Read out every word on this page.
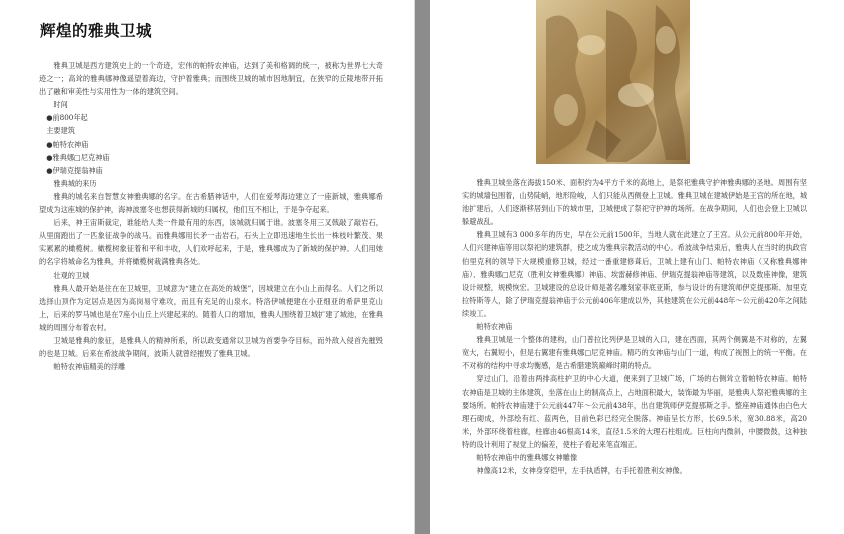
辉煌的雅典卫城

雅典卫城是西方建筑史上的一个奇迹，宏伟的帕特农神庙，达到了美和格调的统一，被称为世界七大奇迹之一；高耸的雅典娜神像遥望着海边，守护着雅典；而围绕卫城的城市因地制宜，在狭窄的丘陵地带开拓出了融和审美性与实用性为一体的建筑空间。

时间

●前800年起

主要建筑

●帕特农神庙

●雅典娜□尼克神庙

●伊瑞克提翁神庙

雅典城的来历

雅典的城名来自智慧女神雅典娜的名字。在古希腊神话中，人们在爱琴海边建立了一座新城，雅典娜希望成为这座城的保护神，海神波塞冬也想获得新城的归属权，他们互不相让，于是争夺起来。

后来，神王宙斯裁定，谁能给人类一件最有用的东西，该城就归属于谁。波塞冬用三叉戟敲了敲岩石，从里面跑出了一匹象征战争的战马。而雅典娜用长矛一击岩石，石头上立即迅速地生长出一株枝叶繁茂、果实累累的橄榄树。橄榄树象征着和平和丰收，人们欢呼起来，于是，雅典娜成为了新城的保护神。人们用她的名字将城命名为雅典，并将橄榄树栽满雅典各处。

壮观的卫城

雅典人最开始是住在在卫城里，卫城意为“建立在高处的城堡”，因城建立在小山上而得名。人们之所以选择山顶作为定居点是因为高岗易守难攻，而且有充足的山泉水。特洛伊城便建在小亚细亚的希萨里克山上，后来的罗马城也是在7座小山丘上兴建起来的。随着人口的增加，雅典人围绕着卫城扩建了城池，在雅典城的周围分布着农村。

卫城是雅典的象征，是雅典人的精神所系，所以政变通常以卫城为首要争夺目标，而外敌入侵首先摧毁的也是卫城。后来在希波战争期间，波斯人就曾经摧毁了雅典卫城。

帕特农神庙精美的浮雕

雅典卫城坐落在海拔150米、面积约为4平方千米的高地上，是祭祀雅典守护神雅典娜的圣地。周围有坚实的城墙包围着，山势陡峭，地形险峻，人们只能从西侧登上卫城。雅典卫城在建城伊始是王宫的所在地，城池扩建后，人们逐渐移居到山下的城市里，卫城便成了祭祀守护神的场所。在战争期间，人们也会登上卫城以躲避战乱。

雅典卫城有3 000多年的历史，早在公元前1500年，当地人就在此建立了王宫。从公元前800年开始，人们兴建神庙等用以祭祀的建筑群，使之成为雅典宗教活动的中心。希波战争结束后，雅典人在当时的执政官伯里克利的领导下大规模重修卫城，经过一番重建修葺后，卫城上建有山门、帕特农神庙（又称雅典娜神庙）、雅典娜□尼克（胜利女神雅典娜）神庙、埃雷赫修神庙、伊瑞克提翁神庙等建筑，以及数座神像，建筑设计规整，规模恢宏。卫城建设的总设计师是著名雕刻家菲底亚斯，参与设计的有建筑师伊克提那斯、加里克拉特斯等人，除了伊瑞克提翁神庙于公元前406年建成以外，其他建筑在公元前448年～公元前420年之间陆续竣工。

帕特农神庙

雅典卫城是一个整体的建构，山门普拉比列伊是卫城的入口，建在西面，其两个侧翼是不对称的，左翼宽大，右翼短小，但是右翼建有雅典娜□尼克神庙。精巧的女神庙与山门一道，构成了视图上的统一平衡。在不对称的结构中寻求均衡感，是古希腊建筑巅峰时期的特点。

穿过山门，沿着由两排高柱护卫的中心大道，便来到了卫城广场，广场的右侧耸立着帕特农神庙。帕特农神庙是卫城的主体建筑，坐落在山上的制高点上，占地面积最大，装饰最为华丽，是雅典人祭祀雅典娜的主要场所。帕特农神庙建于公元前447年～公元前438年，出自建筑师伊克提那斯之手。整座神庙通体由白色大理石砌成，外部绘有红、蓝两色，目前色彩已经完全脱落。神庙呈长方形，长69.5米，宽30.88米，高20米，外部环绕着柱廊，柱廊由46根高14米，直径1.5米的大理石柱组成。巨柱向内微斜，中腰微鼓，这种独特的设计利用了视觉上的偏差，使柱子看起来笔直端正。

帕特农神庙中的雅典娜女神雕像

神像高12米，女神身穿铠甲，左手执盾牌，右手托着胜利女神像。
